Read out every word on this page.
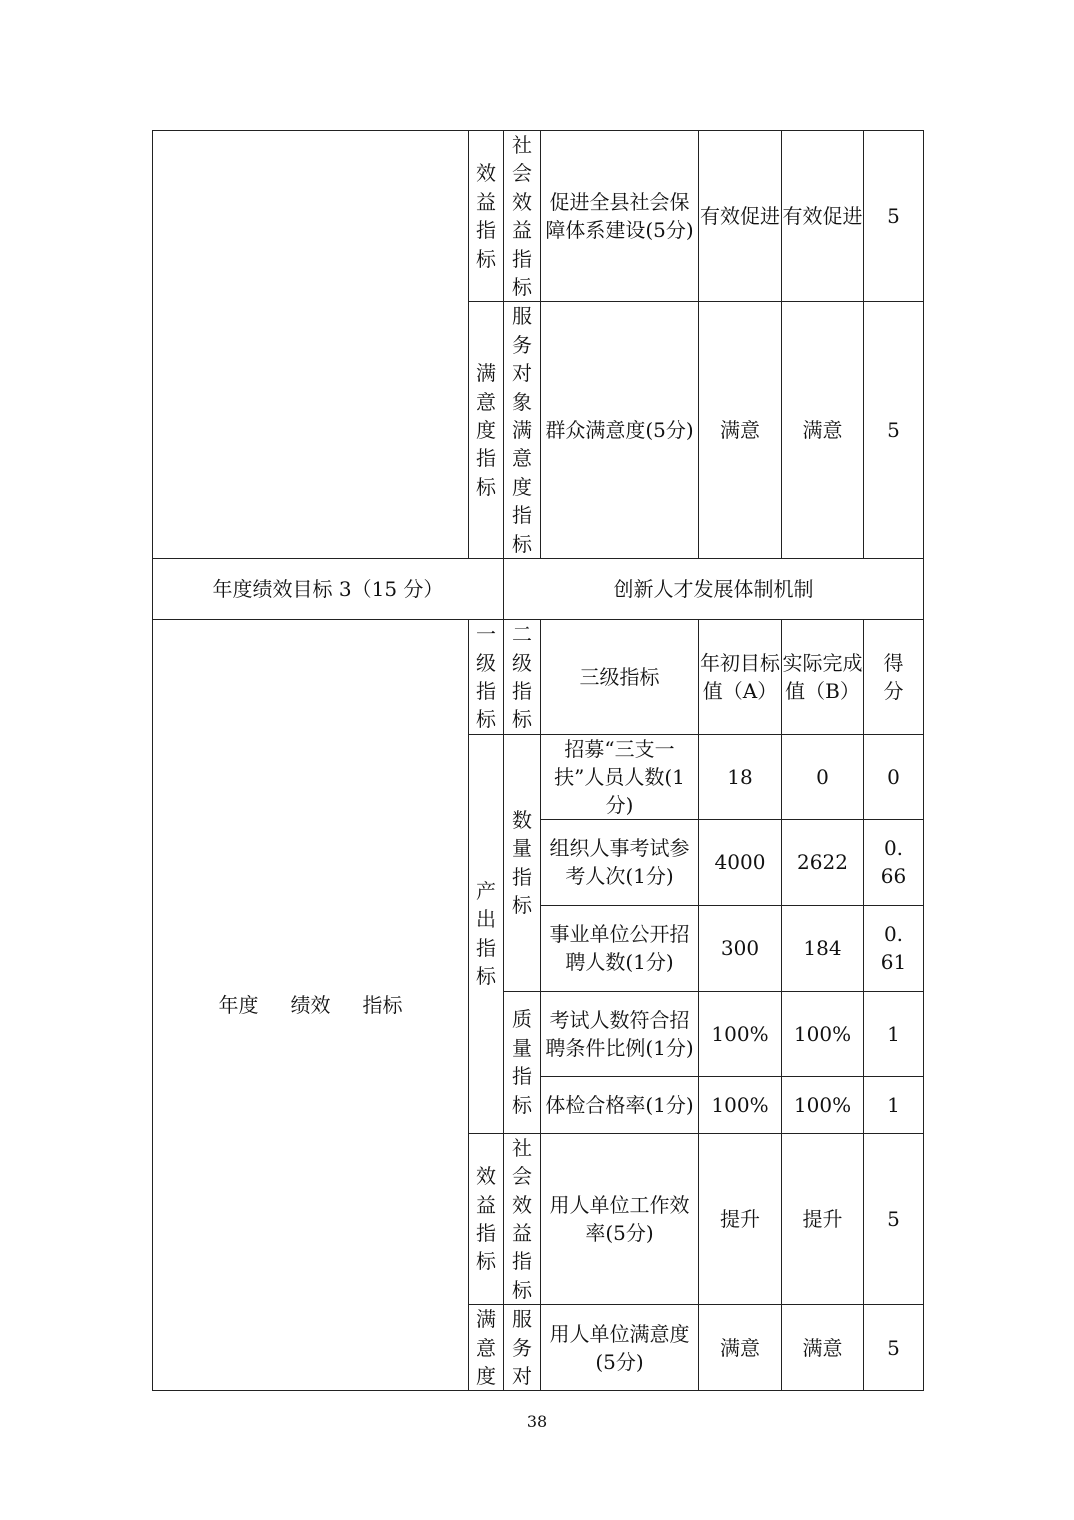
	效益指标	社会效益指标	促进全县社会保障体系建设(5分)	有效促进	有效促进	5

	满意度指标	服务对象满意度指标	群众满意度(5分)	满意	满意	5
年度绩效目标 3（15 分）		创新人才发展体制机制				
年度 绩效 指标	一级指标	二级指标	三级指标	年初目标值（A）	实际完成值（B）	得分

	产出指标	数量指标	招募“三支一扶”人员人数(1分)	18	0	0
			组织人事考试参考人次(1分)	4000	2622	0.66

			事业单位公开招聘人数(1分)	300	184	0.61

		质量指标	考试人数符合招聘条件比例(1分)	100%	100%	1
			体检合格率(1分)	100%	100%	1

	效益指标	社会效益指标	用人单位工作效率(5分)	提升	提升	5

	满意度	服务对	用人单位满意度(5分)	满意	满意	5
38
